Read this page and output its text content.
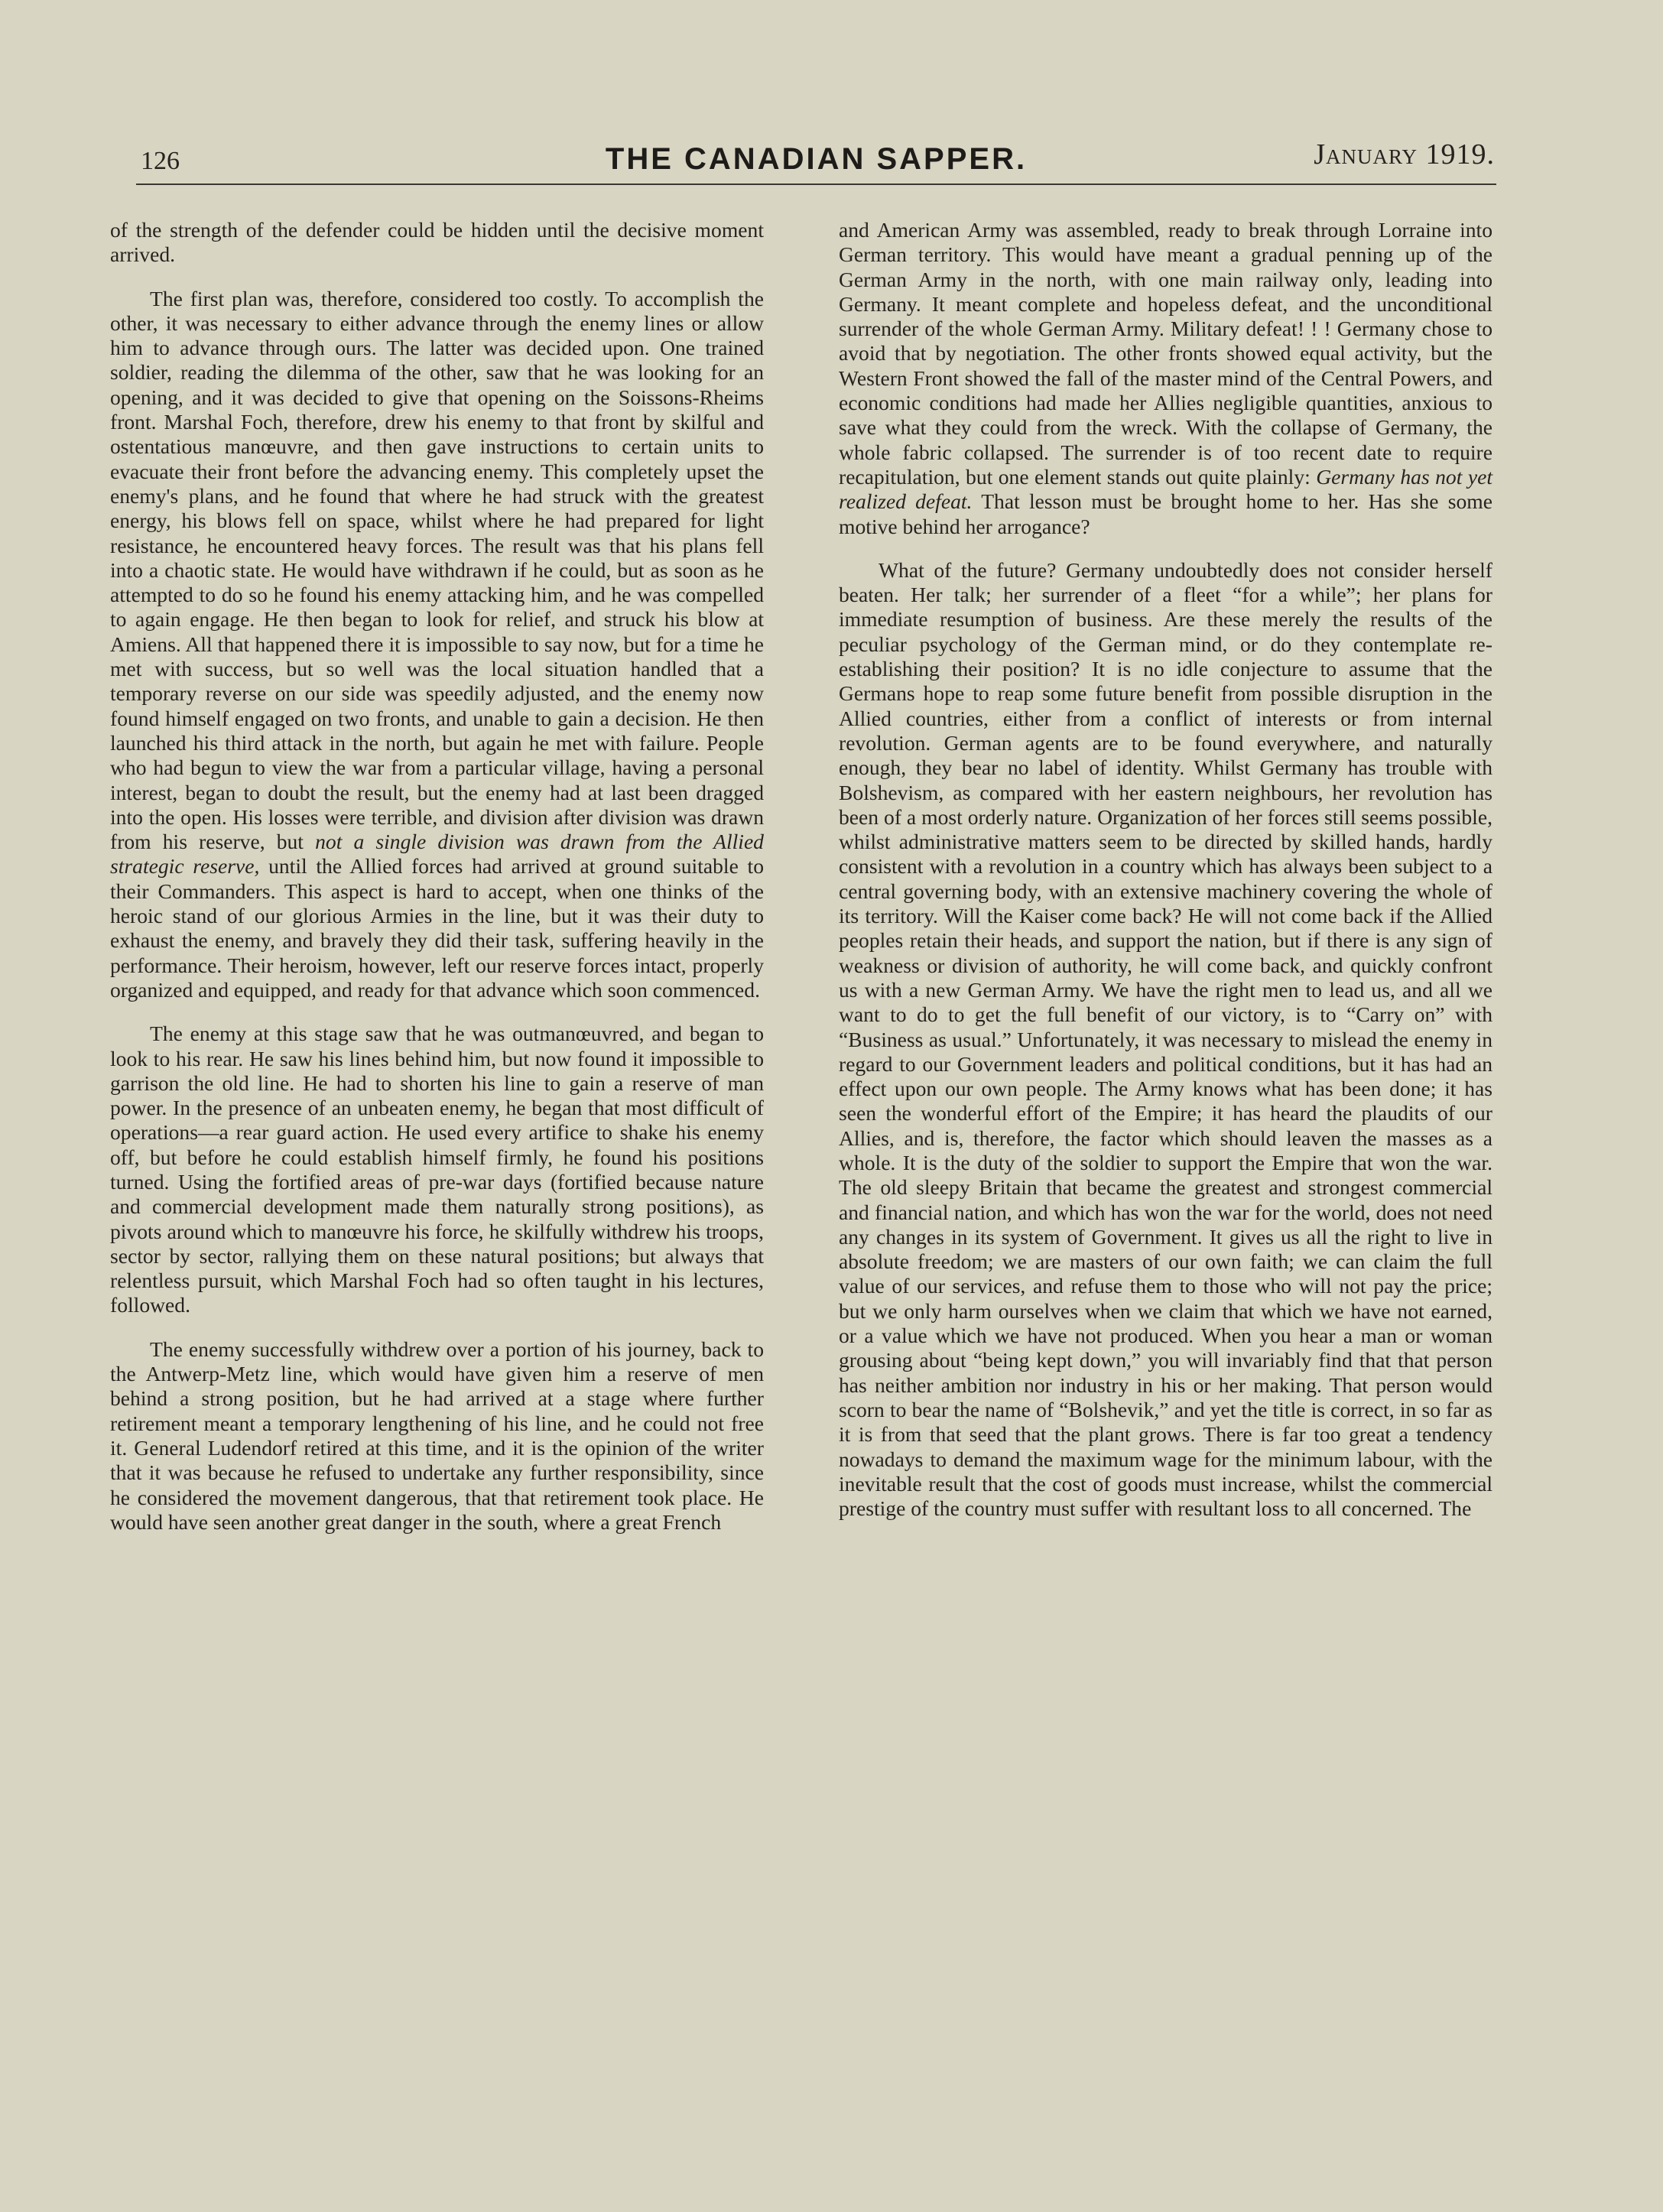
126	THE CANADIAN SAPPER.	January 1919.

of the strength of the defender could be hidden until the decisive moment arrived.

The first plan was, therefore, considered too costly. To accomplish the other, it was necessary to either advance through the enemy lines or allow him to advance through ours. The latter was decided upon. One trained soldier, reading the dilemma of the other, saw that he was looking for an opening, and it was decided to give that opening on the Soissons-Rheims front. Marshal Foch, therefore, drew his enemy to that front by skilful and ostentatious manœuvre, and then gave instructions to certain units to evacuate their front before the advancing enemy. This completely upset the enemy's plans, and he found that where he had struck with the greatest energy, his blows fell on space, whilst where he had prepared for light resistance, he encountered heavy forces. The result was that his plans fell into a chaotic state. He would have withdrawn if he could, but as soon as he attempted to do so he found his enemy attacking him, and he was compelled to again engage. He then began to look for relief, and struck his blow at Amiens. All that happened there it is impossible to say now, but for a time he met with success, but so well was the local situation handled that a temporary reverse on our side was speedily adjusted, and the enemy now found himself engaged on two fronts, and unable to gain a decision. He then launched his third attack in the north, but again he met with failure. People who had begun to view the war from a particular village, having a personal interest, began to doubt the result, but the enemy had at last been dragged into the open. His losses were terrible, and division after division was drawn from his reserve, but not a single division was drawn from the Allied strategic reserve, until the Allied forces had arrived at ground suitable to their Commanders. This aspect is hard to accept, when one thinks of the heroic stand of our glorious Armies in the line, but it was their duty to exhaust the enemy, and bravely they did their task, suffering heavily in the performance. Their heroism, however, left our reserve forces intact, properly organized and equipped, and ready for that advance which soon commenced.

The enemy at this stage saw that he was outmanœuvred, and began to look to his rear. He saw his lines behind him, but now found it impossible to garrison the old line. He had to shorten his line to gain a reserve of man power. In the presence of an unbeaten enemy, he began that most difficult of operations—a rear guard action. He used every artifice to shake his enemy off, but before he could establish himself firmly, he found his positions turned. Using the fortified areas of pre-war days (fortified because nature and commercial development made them naturally strong positions), as pivots around which to manœuvre his force, he skilfully withdrew his troops, sector by sector, rallying them on these natural positions; but always that relentless pursuit, which Marshal Foch had so often taught in his lectures, followed.

The enemy successfully withdrew over a portion of his journey, back to the Antwerp-Metz line, which would have given him a reserve of men behind a strong position, but he had arrived at a stage where further retirement meant a temporary lengthening of his line, and he could not free it. General Ludendorf retired at this time, and it is the opinion of the writer that it was because he refused to undertake any further responsibility, since he considered the movement dangerous, that that retirement took place. He would have seen another great danger in the south, where a great French

and American Army was assembled, ready to break through Lorraine into German territory. This would have meant a gradual penning up of the German Army in the north, with one main railway only, leading into Germany. It meant complete and hopeless defeat, and the unconditional surrender of the whole German Army. Military defeat! ! ! Germany chose to avoid that by negotiation. The other fronts showed equal activity, but the Western Front showed the fall of the master mind of the Central Powers, and economic conditions had made her Allies negligible quantities, anxious to save what they could from the wreck. With the collapse of Germany, the whole fabric collapsed. The surrender is of too recent date to require recapitulation, but one element stands out quite plainly: Germany has not yet realized defeat. That lesson must be brought home to her. Has she some motive behind her arrogance?

What of the future? Germany undoubtedly does not consider herself beaten. Her talk; her surrender of a fleet “for a while”; her plans for immediate resumption of business. Are these merely the results of the peculiar psychology of the German mind, or do they contemplate re-establishing their position? It is no idle conjecture to assume that the Germans hope to reap some future benefit from possible disruption in the Allied countries, either from a conflict of interests or from internal revolution. German agents are to be found everywhere, and naturally enough, they bear no label of identity. Whilst Germany has trouble with Bolshevism, as compared with her eastern neighbours, her revolution has been of a most orderly nature. Organization of her forces still seems possible, whilst administrative matters seem to be directed by skilled hands, hardly consistent with a revolution in a country which has always been subject to a central governing body, with an extensive machinery covering the whole of its territory. Will the Kaiser come back? He will not come back if the Allied peoples retain their heads, and support the nation, but if there is any sign of weakness or division of authority, he will come back, and quickly confront us with a new German Army. We have the right men to lead us, and all we want to do to get the full benefit of our victory, is to “Carry on” with “Business as usual.” Unfortunately, it was necessary to mislead the enemy in regard to our Government leaders and political conditions, but it has had an effect upon our own people. The Army knows what has been done; it has seen the wonderful effort of the Empire; it has heard the plaudits of our Allies, and is, therefore, the factor which should leaven the masses as a whole. It is the duty of the soldier to support the Empire that won the war. The old sleepy Britain that became the greatest and strongest commercial and financial nation, and which has won the war for the world, does not need any changes in its system of Government. It gives us all the right to live in absolute freedom; we are masters of our own faith; we can claim the full value of our services, and refuse them to those who will not pay the price; but we only harm ourselves when we claim that which we have not earned, or a value which we have not produced. When you hear a man or woman grousing about “being kept down,” you will invariably find that that person has neither ambition nor industry in his or her making. That person would scorn to bear the name of “Bolshevik,” and yet the title is correct, in so far as it is from that seed that the plant grows. There is far too great a tendency nowadays to demand the maximum wage for the minimum labour, with the inevitable result that the cost of goods must increase, whilst the commercial prestige of the country must suffer with resultant loss to all concerned. The
